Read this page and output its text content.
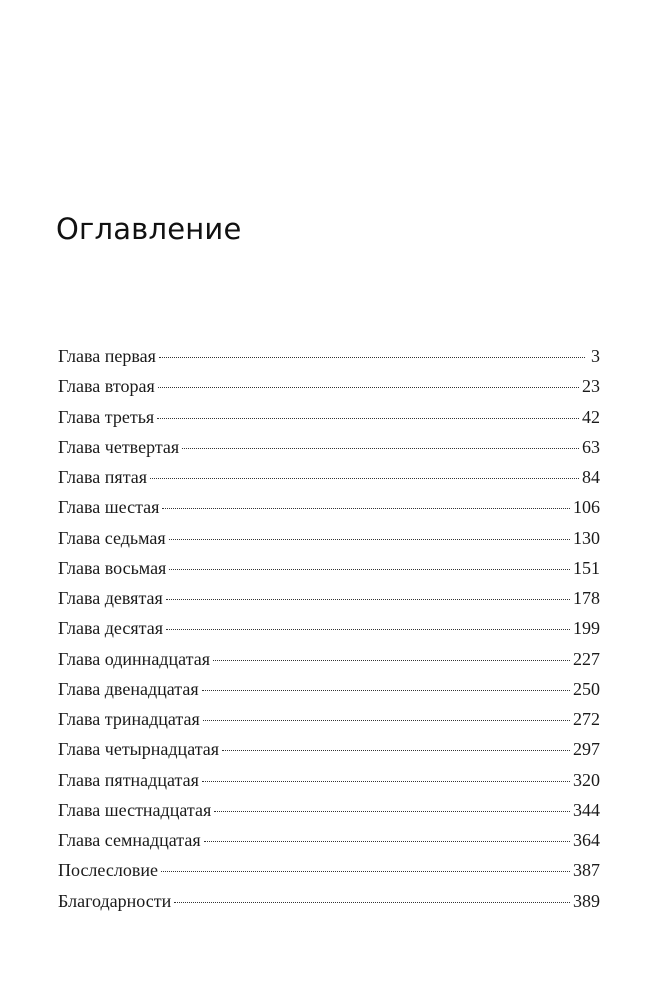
Оглавление
Глава первая	3
Глава вторая	23
Глава третья	42
Глава четвертая	63
Глава пятая	84
Глава шестая	106
Глава седьмая	130
Глава восьмая	151
Глава девятая	178
Глава десятая	199
Глава одиннадцатая	227
Глава двенадцатая	250
Глава тринадцатая	272
Глава четырнадцатая	297
Глава пятнадцатая	320
Глава шестнадцатая	344
Глава семнадцатая	364
Послесловие	387
Благодарности	389
